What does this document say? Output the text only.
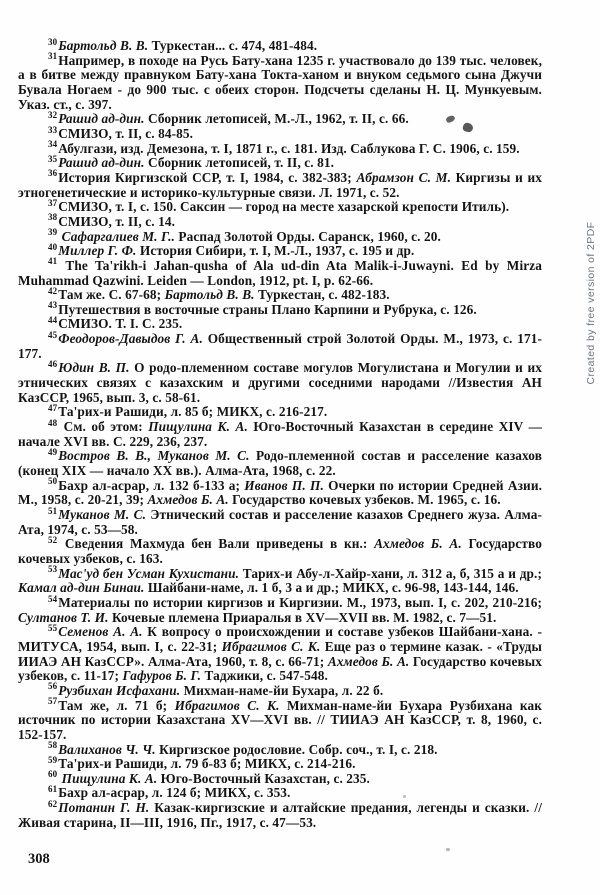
$^{30}$Бартольд В. В. Туркестан... с. 474, 481-484.

$^{31}$Например, в походе на Русь Бату-хана 1235 г. участвовало до 139 тыс. человек, а в битве между правнуком Бату-хана Токта-ханом и внуком седьмого сына Джучи Бувала Ногаем - до 900 тыс. с обеих сторон. Подсчеты сделаны Н. Ц. Мункуевым. Указ. ст., с. 397.

$^{32}$Рашид ад-дин. Сборник летописей, М.-Л., 1962, т. II, с. 66.

$^{33}$СМИЗО, т. II, с. 84-85.

$^{34}$Абулгази, изд. Демезона, т. I, 1871 г., с. 181. Изд. Саблукова Г. С. 1906, с. 159.

$^{35}$Рашид ад-дин. Сборник летописей, т. II, с. 81.

$^{36}$История Киргизской ССР, т. I, 1984, с. 382-383; Абрамзон С. М. Киргизы и их этногенетические и историко-культурные связи. Л. 1971, с. 52.

$^{37}$СМИЗО, т. I, с. 150. Саксин — город на месте хазарской крепости Итиль).

$^{38}$СМИЗО, т. II, с. 14.

$^{39}$ Сафаргалиев М. Г.. Распад Золотой Орды. Саранск, 1960, с. 20.

$^{40}$Миллер Г. Ф. История Сибири, т. I, М.-Л., 1937, с. 195 и др.

$^{41}$ The Ta'rikh-i Jahan-qusha of Ala ud-din Ata Malik-i-Juwayni. Ed by Mirza Muhammad Qazwini. Leiden — London, 1912, pt. I, p. 62-66.

$^{42}$Там же. С. 67-68; Бартольд В. В. Туркестан, с. 482-183.

$^{43}$Путешествия в восточные страны Плано Карпини и Рубрука, с. 126.

$^{44}$СМИЗО. Т. I. С. 235.

$^{45}$Феодоров-Давыдов Г. А. Общественный строй Золотой Орды. М., 1973, с. 171-177.

$^{46}$Юдин В. П. О родо-племенном составе могулов Могулистана и Могулии и их этнических связях с казахским и другими соседними народами //Известия АН КазССР, 1965, вып. 3, с. 58-61.

$^{47}$Та'рих-и Рашиди, л. 85 б; МИКХ, с. 216-217.

$^{48}$ См. об этом: Пищулина К. А. Юго-Восточный Казахстан в середине XIV — начале XVI вв. С. 229, 236, 237.

$^{49}$Востров В. В., Муканов М. С. Родо-племенной состав и расселение казахов (конец XIX — начало XX вв.). Алма-Ата, 1968, с. 22.

$^{50}$Бахр ал-асрар, л. 132 б-133 а; Иванов П. П. Очерки по истории Средней Азии. М., 1958, с. 20-21, 39; Ахмедов Б. А. Государство кочевых узбеков. М. 1965, с. 16.

$^{51}$Муканов М. С. Этнический состав и расселение казахов Среднего жуза. Алма-Ата, 1974, с. 53—58.

$^{52}$ Сведения Махмуда бен Вали приведены в кн.: Ахмедов Б. А. Государство кочевых узбеков, с. 163.

$^{53}$Мас'уд бен Усман Кухистани. Тарих-и Абу-л-Хайр-хани, л. 312 а, б, 315 а и др.; Камал ад-дин Бинаи. Шайбани-наме, л. 1 б, 3 а и др.; МИКХ, с. 96-98, 143-144, 146.

$^{54}$Материалы по истории киргизов и Киргизии. М., 1973, вып. I, с. 202, 210-216; Султанов Т. И. Кочевые племена Приаралья в XV—XVII вв. М. 1982, с. 7—51.

$^{55}$Семенов А. А. К вопросу о происхождении и составе узбеков Шайбани-хана. - МИТУСА, 1954, вып. I, с. 22-31; Ибрагимов С. К. Еще раз о термине казак. - «Труды ИИАЭ АН КазССР». Алма-Ата, 1960, т. 8, с. 66-71; Ахмедов Б. А. Государство кочевых узбеков, с. 11-17; Гафуров Б. Г. Таджики, с. 547-548.

$^{56}$Рузбихан Исфахани. Михман-наме-йи Бухара, л. 22 б.

$^{57}$Там же, л. 71 б; Ибрагимов С. К. Михман-наме-йи Бухара Рузбихана как источник по истории Казахстана XV—XVI вв. // ТИИАЭ АН КазССР, т. 8, 1960, с. 152-157.

$^{58}$Валиханов Ч. Ч. Киргизское родословие. Собр. соч., т. I, с. 218.

$^{59}$Та'рих-и Рашиди, л. 79 б-83 б; МИКХ, с. 214-216.

$^{60}$ Пищулина К. А. Юго-Восточный Казахстан, с. 235.

$^{61}$Бахр ал-асрар, л. 124 б; МИКХ, с. 353.

$^{62}$Потанин Г. Н. Казак-киргизские и алтайские предания, легенды и сказки. // Живая старина, II—III, 1916, Пг., 1917, с. 47—53.

308
Created by free version of 2PDF
